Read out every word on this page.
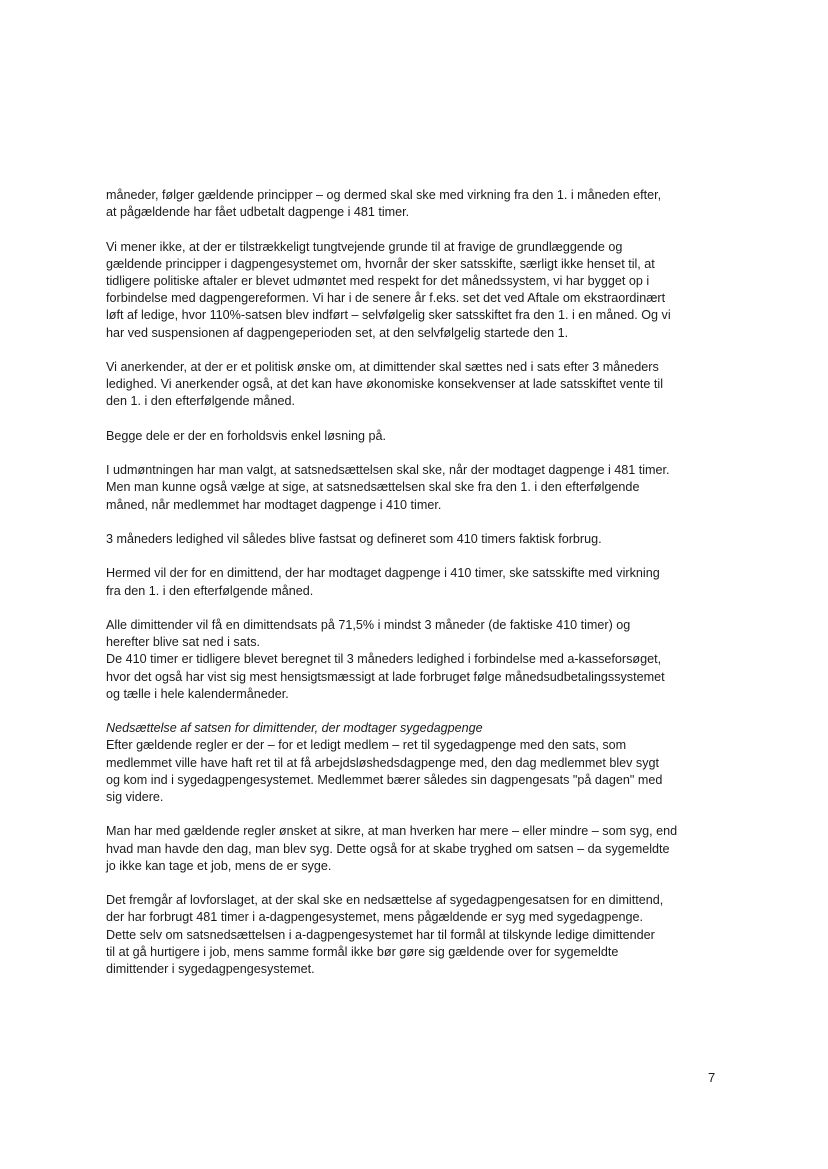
måneder, følger gældende principper – og dermed skal ske med virkning fra den 1. i måneden efter,
at pågældende har fået udbetalt dagpenge i 481 timer.

Vi mener ikke, at der er tilstrækkeligt tungtvejende grunde til at fravige de grundlæggende og
gældende principper i dagpengesystemet om, hvornår der sker satsskifte, særligt ikke henset til, at
tidligere politiske aftaler er blevet udmøntet med respekt for det månedssystem, vi har bygget op i
forbindelse med dagpengereformen. Vi har i de senere år f.eks. set det ved Aftale om ekstraordinært
løft af ledige, hvor 110%-satsen blev indført – selvfølgelig sker satsskiftet fra den 1. i en måned. Og vi
har ved suspensionen af dagpengeperioden set, at den selvfølgelig startede den 1.

Vi anerkender, at der er et politisk ønske om, at dimittender skal sættes ned i sats efter 3 måneders
ledighed. Vi anerkender også, at det kan have økonomiske konsekvenser at lade satsskiftet vente til
den 1. i den efterfølgende måned.

Begge dele er der en forholdsvis enkel løsning på.

I udmøntningen har man valgt, at satsnedsættelsen skal ske, når der modtaget dagpenge i 481 timer.
Men man kunne også vælge at sige, at satsnedsættelsen skal ske fra den 1. i den efterfølgende
måned, når medlemmet har modtaget dagpenge i 410 timer.

3 måneders ledighed vil således blive fastsat og defineret som 410 timers faktisk forbrug.

Hermed vil der for en dimittend, der har modtaget dagpenge i 410 timer, ske satsskifte med virkning
fra den 1. i den efterfølgende måned.

Alle dimittender vil få en dimittendsats på 71,5% i mindst 3 måneder (de faktiske 410 timer) og
herefter blive sat ned i sats.

De 410 timer er tidligere blevet beregnet til 3 måneders ledighed i forbindelse med a-kasseforsøget,
hvor det også har vist sig mest hensigtsmæssigt at lade forbruget følge månedsudbetalingssystemet
og tælle i hele kalendermåneder.

Nedsættelse af satsen for dimittender, der modtager sygedagpenge

Efter gældende regler er der – for et ledigt medlem – ret til sygedagpenge med den sats, som
medlemmet ville have haft ret til at få arbejdsløshedsdagpenge med, den dag medlemmet blev sygt
og kom ind i sygedagpengesystemet. Medlemmet bærer således sin dagpengesats "på dagen" med
sig videre.

Man har med gældende regler ønsket at sikre, at man hverken har mere – eller mindre – som syg, end
hvad man havde den dag, man blev syg. Dette også for at skabe tryghed om satsen – da sygemeldte
jo ikke kan tage et job, mens de er syge.

Det fremgår af lovforslaget, at der skal ske en nedsættelse af sygedagpengesatsen for en dimittend,
der har forbrugt 481 timer i a-dagpengesystemet, mens pågældende er syg med sygedagpenge.
Dette selv om satsnedsættelsen i a-dagpengesystemet har til formål at tilskynde ledige dimittender
til at gå hurtigere i job, mens samme formål ikke bør gøre sig gældende over for sygemeldte
dimittender i sygedagpengesystemet.

7
